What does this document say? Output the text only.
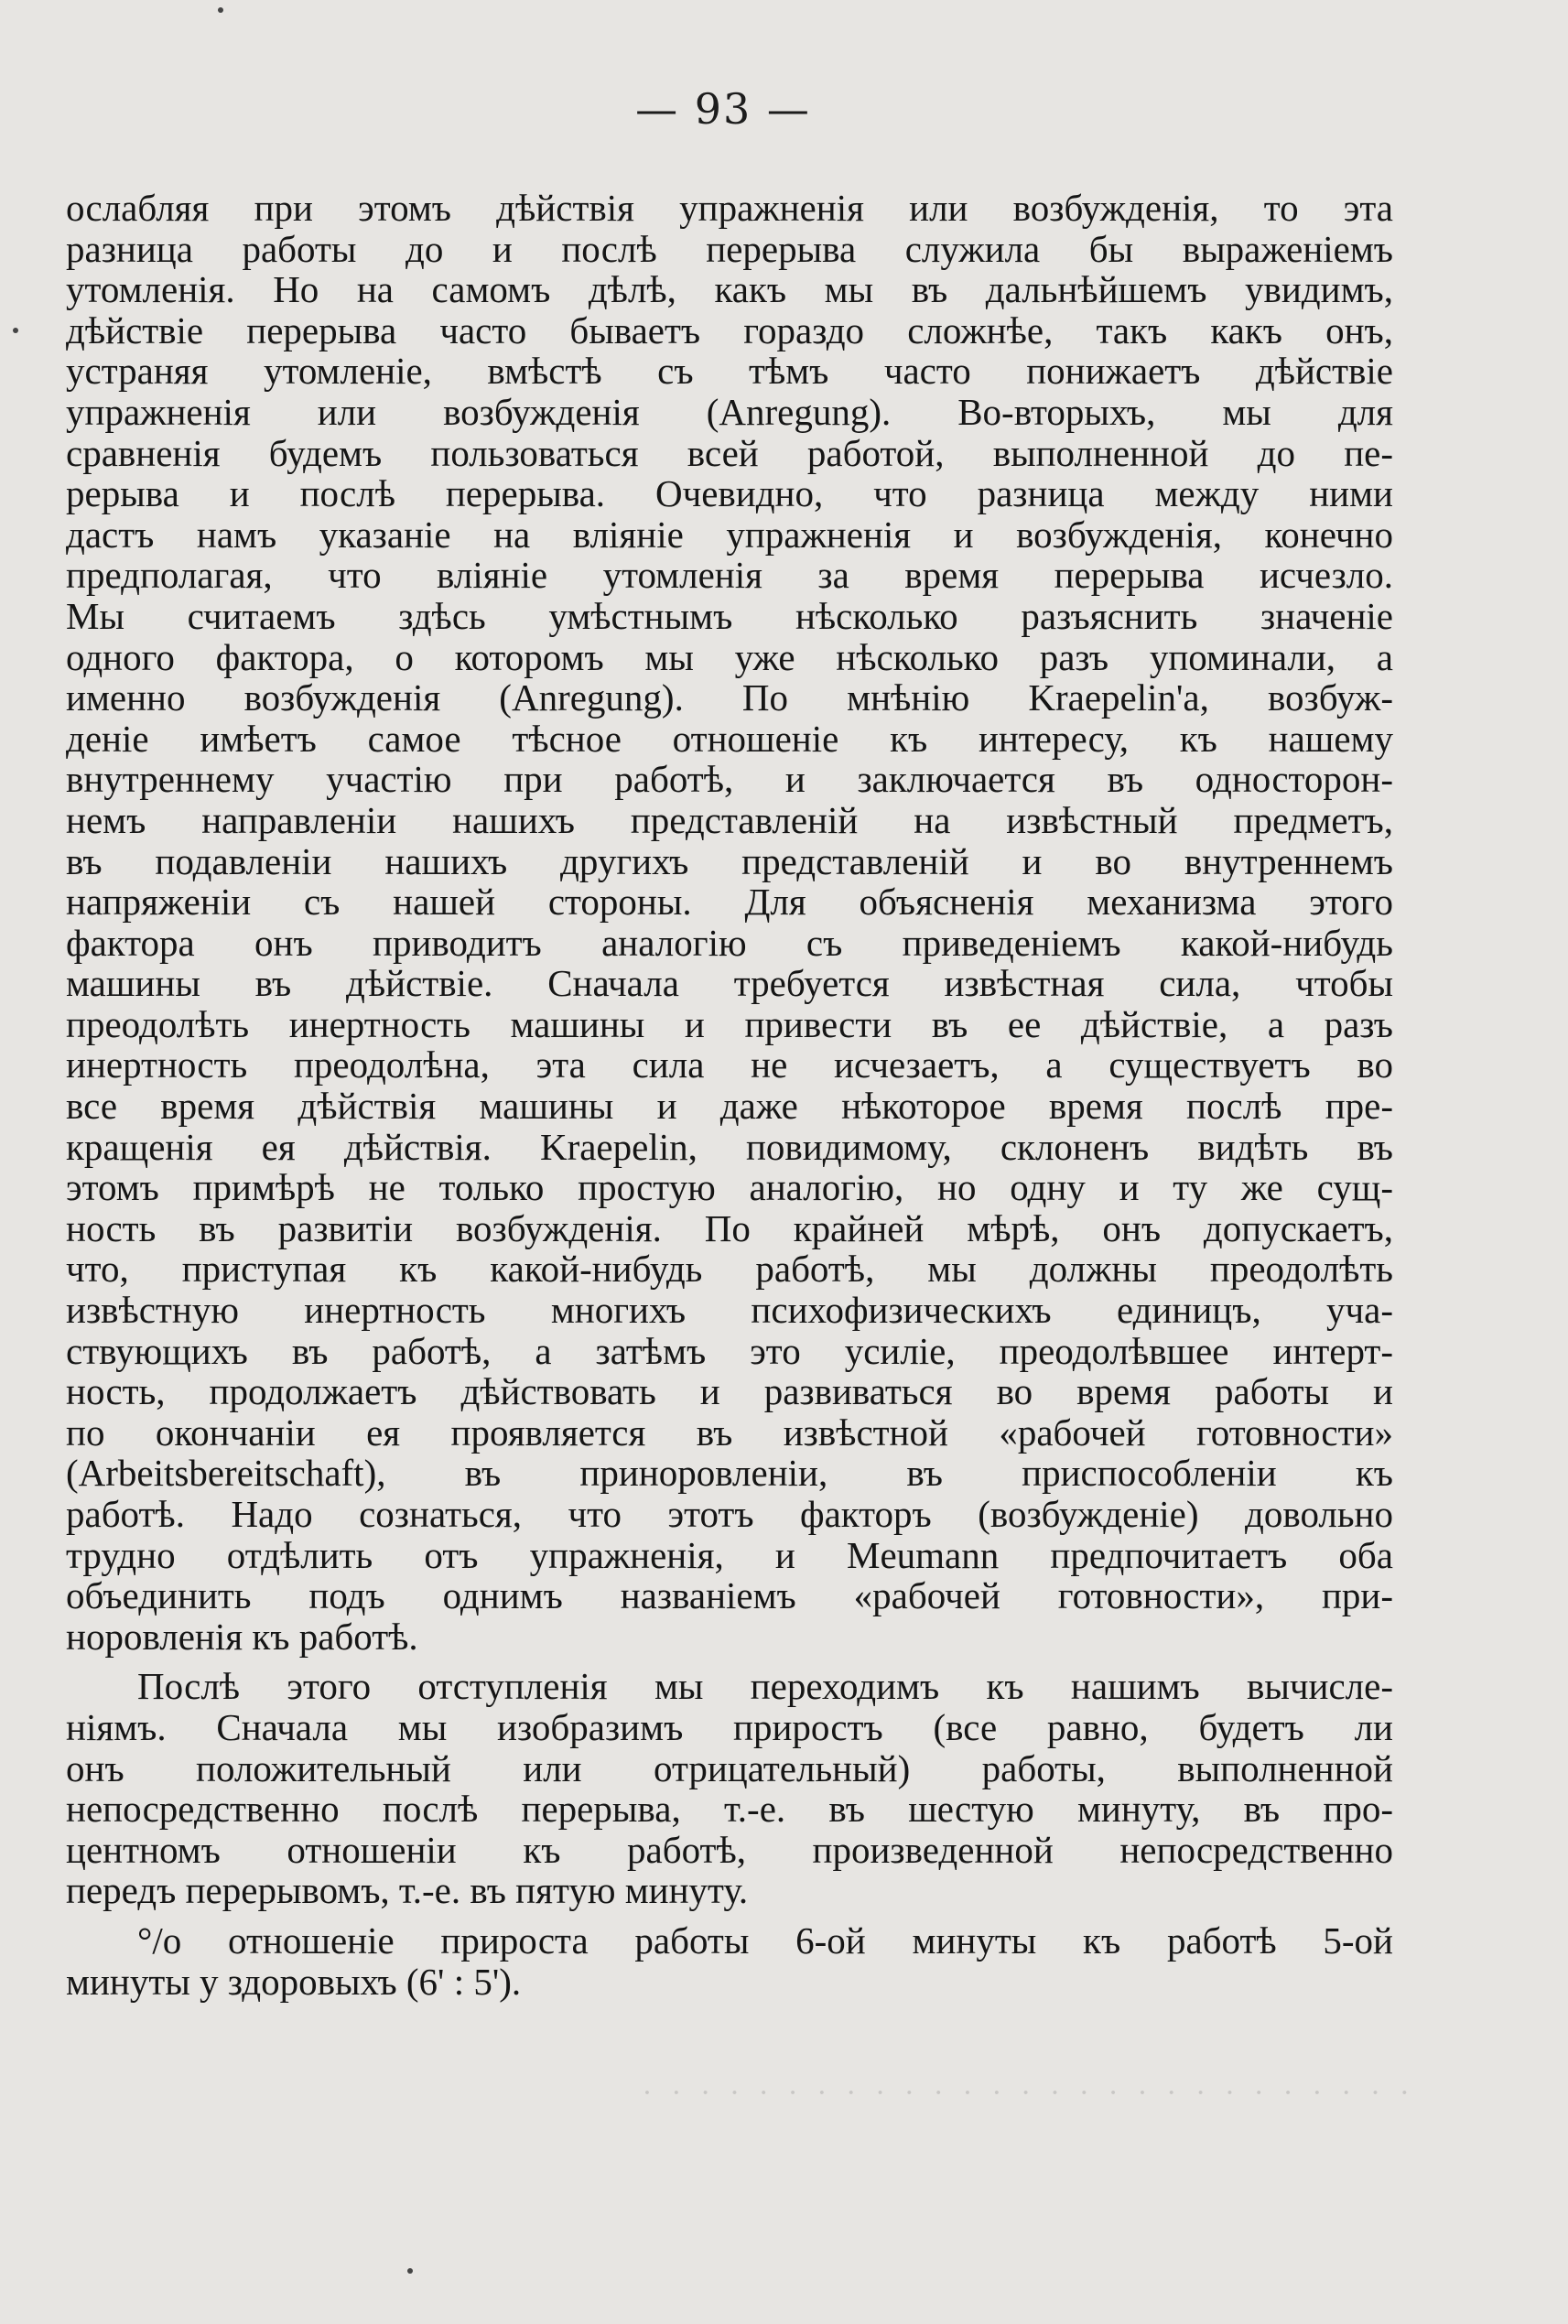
— 93 —
ослабляя при этомъ дѣйствія упражненія или возбужденія, то эта
разница работы до и послѣ перерыва служила бы выраженіемъ
утомленія. Но на самомъ дѣлѣ, какъ мы въ дальнѣйшемъ увидимъ,
дѣйствіе перерыва часто бываетъ гораздо сложнѣе, такъ какъ онъ,
устраняя утомленіе, вмѣстѣ съ тѣмъ часто понижаетъ дѣйствіе
упражненія или возбужденія (Anregung). Во-вторыхъ, мы для
сравненія будемъ пользоваться всей работой, выполненной до пе-
рерыва и послѣ перерыва. Очевидно, что разница между ними
дастъ намъ указаніе на вліяніе упражненія и возбужденія, конечно
предполагая, что вліяніе утомленія за время перерыва исчезло.
Мы считаемъ здѣсь умѣстнымъ нѣсколько разъяснить значеніе
одного фактора, о которомъ мы уже нѣсколько разъ упоминали, а
именно возбужденія (Anregung). По мнѣнію Kraepelin'а, возбуж-
деніе имѣетъ самое тѣсное отношеніе къ интересу, къ нашему
внутреннему участію при работѣ, и заключается въ односторон-
немъ направленіи нашихъ представленій на извѣстный предметъ,
въ подавленіи нашихъ другихъ представленій и во внутреннемъ
напряженіи съ нашей стороны. Для объясненія механизма этого
фактора онъ приводитъ аналогію съ приведеніемъ какой-нибудь
машины въ дѣйствіе. Сначала требуется извѣстная сила, чтобы
преодолѣть инертность машины и привести въ ее дѣйствіе, а разъ
инертность преодолѣна, эта сила не исчезаетъ, а существуетъ во
все время дѣйствія машины и даже нѣкоторое время послѣ пре-
кращенія ея дѣйствія. Kraepelin, повидимому, склоненъ видѣть въ
этомъ примѣрѣ не только простую аналогію, но одну и ту же сущ-
ность въ развитіи возбужденія. По крайней мѣрѣ, онъ допускаетъ,
что, приступая къ какой-нибудь работѣ, мы должны преодолѣть
извѣстную инертность многихъ психофизическихъ единицъ, уча-
ствующихъ въ работѣ, а затѣмъ это усиліе, преодолѣвшее интерт-
ность, продолжаетъ дѣйствовать и развиваться во время работы и
по окончаніи ея проявляется въ извѣстной «рабочей готовности»
(Arbeitsbereitschaft), въ приноровленіи, въ приспособленіи къ
работѣ. Надо сознаться, что этотъ факторъ (возбужденіе) довольно
трудно отдѣлить отъ упражненія, и Meumann предпочитаетъ оба
объединить подъ однимъ названіемъ «рабочей готовности», при-
норовленія къ работѣ.
Послѣ этого отступленія мы переходимъ къ нашимъ вычисле-
ніямъ. Сначала мы изобразимъ приростъ (все равно, будетъ ли
онъ положительный или отрицательный) работы, выполненной
непосредственно послѣ перерыва, т.-е. въ шестую минуту, въ про-
центномъ отношеніи къ работѣ, произведенной непосредственно
передъ перерывомъ, т.-е. въ пятую минуту.
°/о отношеніе прироста работы 6-ой минуты къ работѣ 5-ой
минуты у здоровыхъ (6' : 5').
· · · · · · · · · · · · · · · · · · · · · · · · · · ·
